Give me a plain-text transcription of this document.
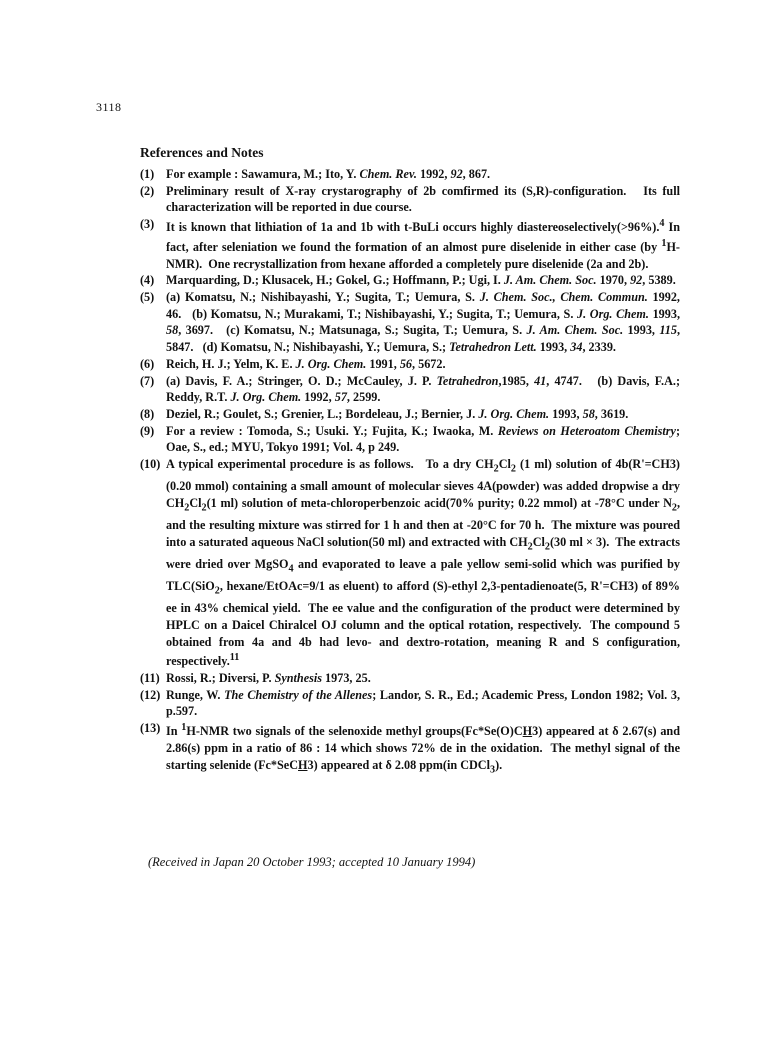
3118
References and Notes
(1) For example : Sawamura, M.; Ito, Y. Chem. Rev. 1992, 92, 867.
(2) Preliminary result of X-ray crystarography of 2b comfirmed its (S,R)-configuration.   Its full characterization will be reported in due course.
(3) It is known that lithiation of 1a and 1b with t-BuLi occurs highly diastereoselectively(>96%).$^4$ In fact, after seleniation we found the formation of an almost pure diselenide in either case (by $^1$H-NMR).  One recrystallization from hexane afforded a completely pure diselenide (2a and 2b).
(4) Marquarding, D.; Klusacek, H.; Gokel, G.; Hoffmann, P.; Ugi, I. J. Am. Chem. Soc. 1970, 92, 5389.
(5) (a) Komatsu, N.; Nishibayashi, Y.; Sugita, T.; Uemura, S. J. Chem. Soc., Chem. Commun. 1992, 46.   (b) Komatsu, N.; Murakami, T.; Nishibayashi, Y.; Sugita, T.; Uemura, S. J. Org. Chem. 1993, 58, 3697.   (c) Komatsu, N.; Matsunaga, S.; Sugita, T.; Uemura, S. J. Am. Chem. Soc. 1993, 115, 5847.   (d) Komatsu, N.; Nishibayashi, Y.; Uemura, S.; Tetrahedron Lett. 1993, 34, 2339.
(6) Reich, H. J.; Yelm, K. E. J. Org. Chem. 1991, 56, 5672.
(7) (a) Davis, F. A.; Stringer, O. D.; McCauley, J. P. Tetrahedron,1985, 41, 4747.   (b) Davis, F.A.; Reddy, R.T. J. Org. Chem. 1992, 57, 2599.
(8) Deziel, R.; Goulet, S.; Grenier, L.; Bordeleau, J.; Bernier, J. J. Org. Chem. 1993, 58, 3619.
(9) For a review : Tomoda, S.; Usuki. Y.; Fujita, K.; Iwaoka, M. Reviews on Heteroatom Chemistry; Oae, S., ed.; MYU, Tokyo 1991; Vol. 4, p 249.
(10) A typical experimental procedure is as follows.   To a dry $CH_2Cl_2$ (1 ml) solution of 4b(R'=CH3)(0.20 mmol) containing a small amount of molecular sieves 4A(powder) was added dropwise a dry $CH_2Cl_2(1$ ml) solution of meta-chloroperbenzoic acid(70% purity; 0.22 mmol) at -78°C under $N_2$, and the resulting mixture was stirred for 1 h and then at -20°C for 70 h.  The mixture was poured into a saturated aqueous NaCl solution(50 ml) and extracted with $CH_2Cl_2(30$ ml × 3).  The extracts were dried over MgSO$_4$ and evaporated to leave a pale yellow semi-solid which was purified by TLC(SiO$_2$, hexane/EtOAc=9/1 as eluent) to afford (S)-ethyl 2,3-pentadienoate(5, R'=CH3) of 89% ee in 43% chemical yield.  The ee value and the configuration of the product were determined by HPLC on a Daicel Chiralcel OJ column and the optical rotation, respectively.  The compound 5 obtained from 4a and 4b had levo- and dextro-rotation, meaning R and S configuration, respectively.$^{11}$
(11) Rossi, R.; Diversi, P. Synthesis 1973, 25.
(12) Runge, W. The Chemistry of the Allenes; Landor, S. R., Ed.; Academic Press, London 1982; Vol. 3, p.597.
(13) In $^1$H-NMR two signals of the selenoxide methyl groups(Fc*Se(O)CH3) appeared at δ 2.67(s) and 2.86(s) ppm in a ratio of 86 : 14 which shows 72% de in the oxidation.  The methyl signal of the starting selenide (Fc*SeCH3) appeared at δ 2.08 ppm(in CDCl$_3$).
(Received in Japan 20 October 1993; accepted 10 January 1994)
